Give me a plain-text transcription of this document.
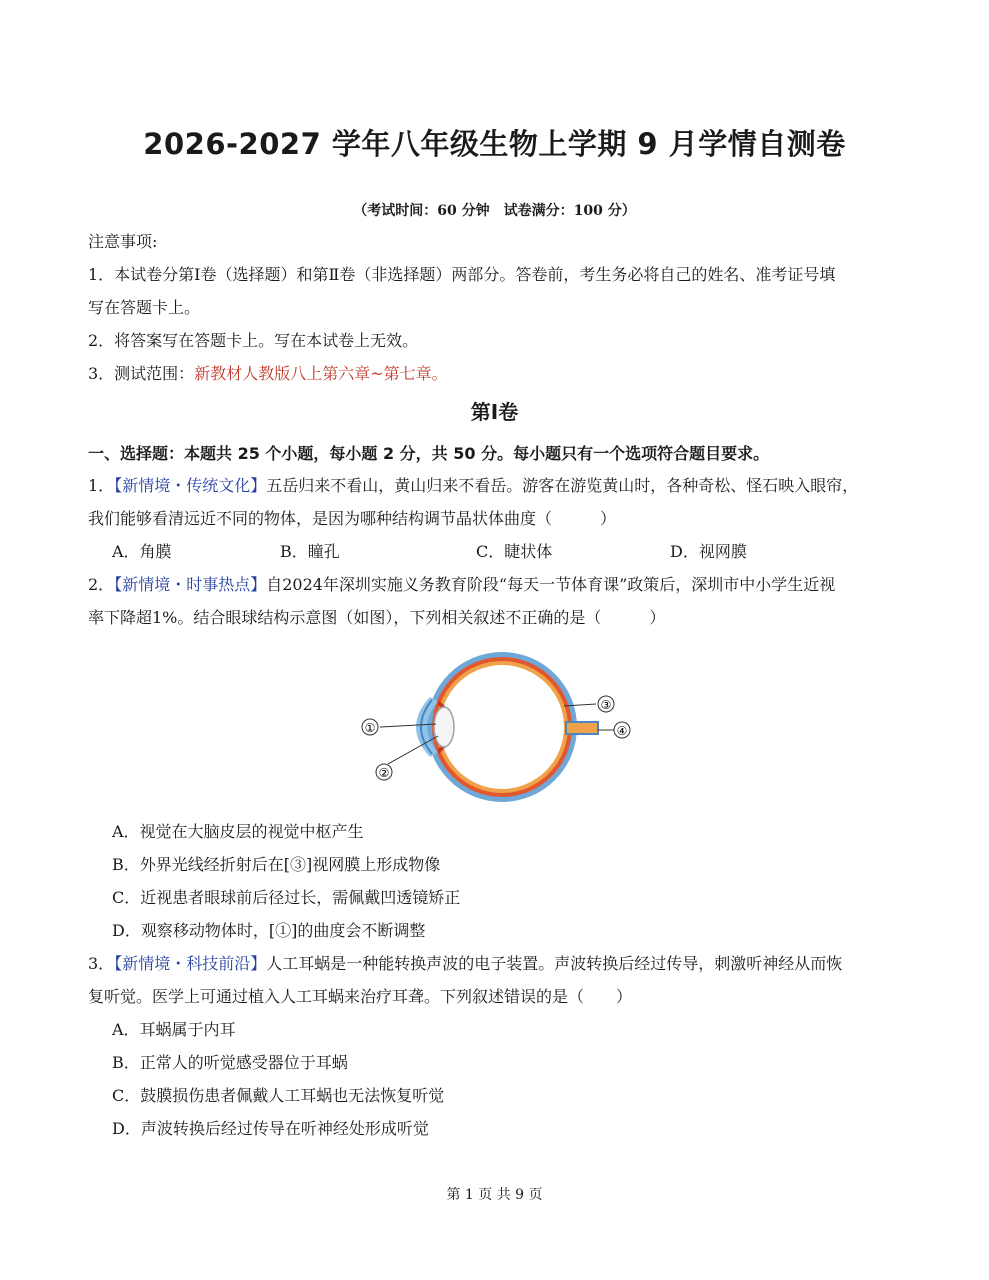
2026-2027 学年八年级生物上学期 9 月学情自测卷
（考试时间：60 分钟　试卷满分：100 分）
注意事项:
1．本试卷分第Ⅰ卷（选择题）和第Ⅱ卷（非选择题）两部分。答卷前，考生务必将自己的姓名、准考证号填
写在答题卡上。
2．将答案写在答题卡上。写在本试卷上无效。
3．测试范围：新教材人教版八上第六章~第七章。
第Ⅰ卷
一、选择题：本题共 25 个小题，每小题 2 分，共 50 分。每小题只有一个选项符合题目要求。
1．【新情境・传统文化】五岳归来不看山，黄山归来不看岳。游客在游览黄山时，各种奇松、怪石映入眼帘，
我们能够看清远近不同的物体，是因为哪种结构调节晶状体曲度（　　　）
A．角膜	B．瞳孔	C．睫状体	D．视网膜
2．【新情境・时事热点】自2024年深圳实施义务教育阶段“每天一节体育课”政策后，深圳市中小学生近视
率下降超1%。结合眼球结构示意图（如图），下列相关叙述不正确的是（　　　）
①
②
③
④
A．视觉在大脑皮层的视觉中枢产生
B．外界光线经折射后在[③]视网膜上形成物像
C．近视患者眼球前后径过长，需佩戴凹透镜矫正
D．观察移动物体时，[①]的曲度会不断调整
3．【新情境・科技前沿】人工耳蜗是一种能转换声波的电子装置。声波转换后经过传导，刺激听神经从而恢
复听觉。医学上可通过植入人工耳蜗来治疗耳聋。下列叙述错误的是（　　）
A．耳蜗属于内耳
B．正常人的听觉感受器位于耳蜗
C．鼓膜损伤患者佩戴人工耳蜗也无法恢复听觉
D．声波转换后经过传导在听神经处形成听觉
第 1 页 共 9 页
